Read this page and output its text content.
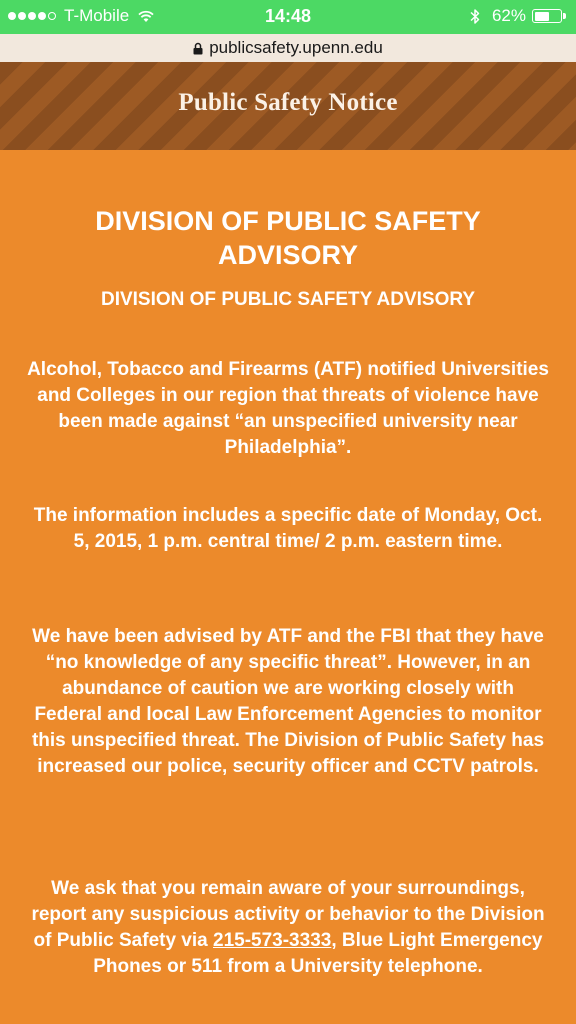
T-Mobile	14:48	62%
publicsafety.upenn.edu
Public Safety Notice
DIVISION OF PUBLIC SAFETY ADVISORY
DIVISION OF PUBLIC SAFETY ADVISORY

Alcohol, Tobacco and Firearms (ATF) notified Universities and Colleges in our region that threats of violence have been made against “an unspecified university near Philadelphia”.

The information includes a specific date of Monday, Oct. 5, 2015, 1 p.m. central time/ 2 p.m. eastern time.

We have been advised by ATF and the FBI that they have “no knowledge of any specific threat”. However, in an abundance of caution we are working closely with Federal and local Law Enforcement Agencies to monitor this unspecified threat. The Division of Public Safety has increased our police, security officer and CCTV patrols.

We ask that you remain aware of your surroundings, report any suspicious activity or behavior to the Division of Public Safety via 215-573-3333, Blue Light Emergency Phones or 511 from a University telephone.
